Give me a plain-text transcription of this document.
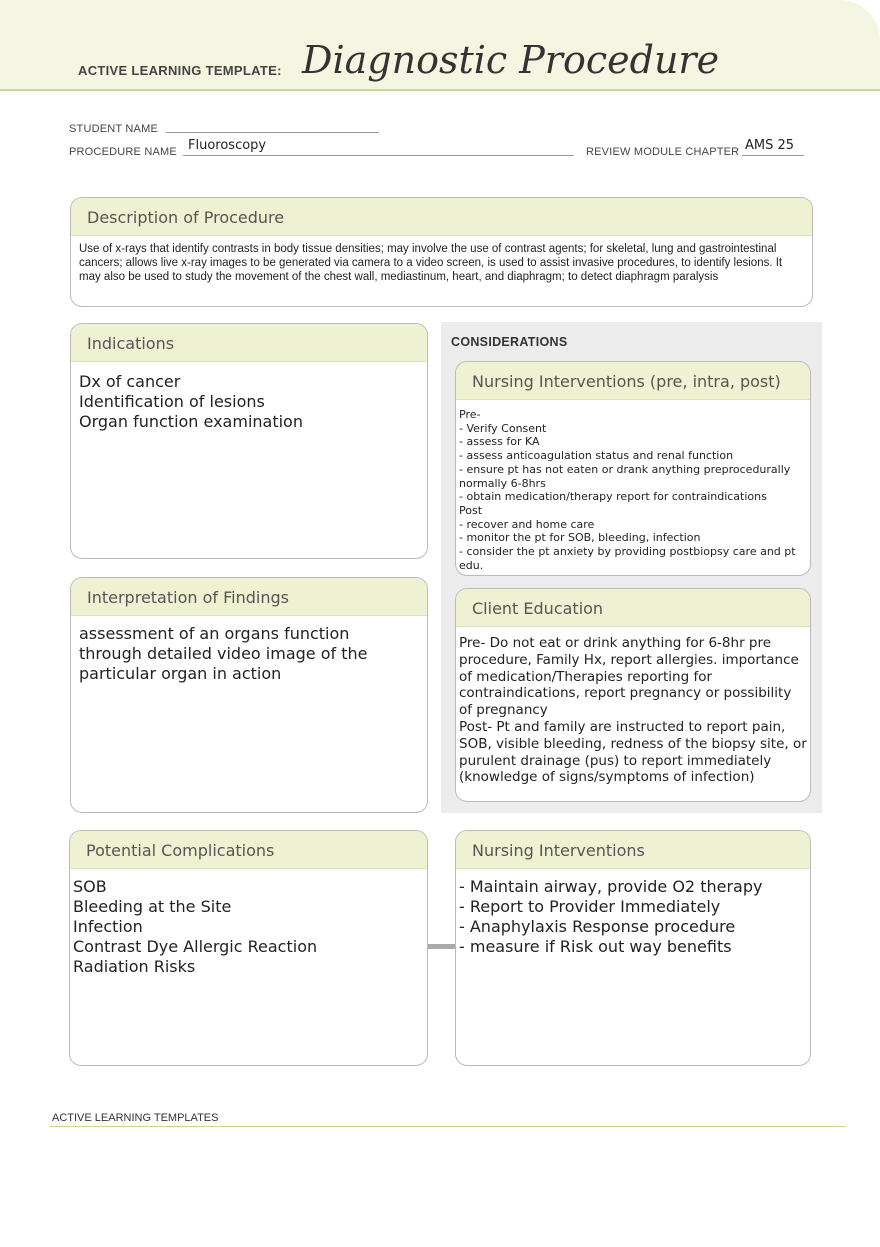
ACTIVE LEARNING TEMPLATE: Diagnostic Procedure
STUDENT NAME
PROCEDURE NAME Fluoroscopy	REVIEW MODULE CHAPTER AMS 25
Description of Procedure
Use of x-rays that identify contrasts in body tissue densities; may involve the use of contrast agents; for skeletal, lung and gastrointestinal cancers; allows live x-ray images to be generated via camera to a video screen, is used to assist invasive procedures, to identify lesions. It may also be used to study the movement of the chest wall, mediastinum, heart, and diaphragm; to detect diaphragm paralysis
Indications
Dx of cancer
Identification of lesions
Organ function examination
CONSIDERATIONS
Nursing Interventions (pre, intra, post)
Pre-
- Verify Consent
- assess for KA
- assess anticoagulation status and renal function
- ensure pt has not eaten or drank anything preprocedurally normally 6-8hrs
- obtain medication/therapy report for contraindications
Post
- recover and home care
- monitor the pt for SOB, bleeding, infection
- consider the pt anxiety by providing postbiopsy care and pt edu.
Interpretation of Findings
assessment of an organs function through detailed video image of the particular organ in action
Client Education
Pre- Do not eat or drink anything for 6-8hr pre procedure, Family Hx, report allergies. importance of medication/Therapies reporting for contraindications, report pregnancy or possibility of pregnancy
Post- Pt and family are instructed to report pain, SOB, visible bleeding, redness of the biopsy site, or purulent drainage (pus) to report immediately (knowledge of signs/symptoms of infection)
Potential Complications
SOB
Bleeding at the Site
Infection
Contrast Dye Allergic Reaction
Radiation Risks
Nursing Interventions
- Maintain airway, provide O2 therapy
- Report to Provider Immediately
- Anaphylaxis Response procedure
- measure if Risk out way benefits
ACTIVE LEARNING TEMPLATES
